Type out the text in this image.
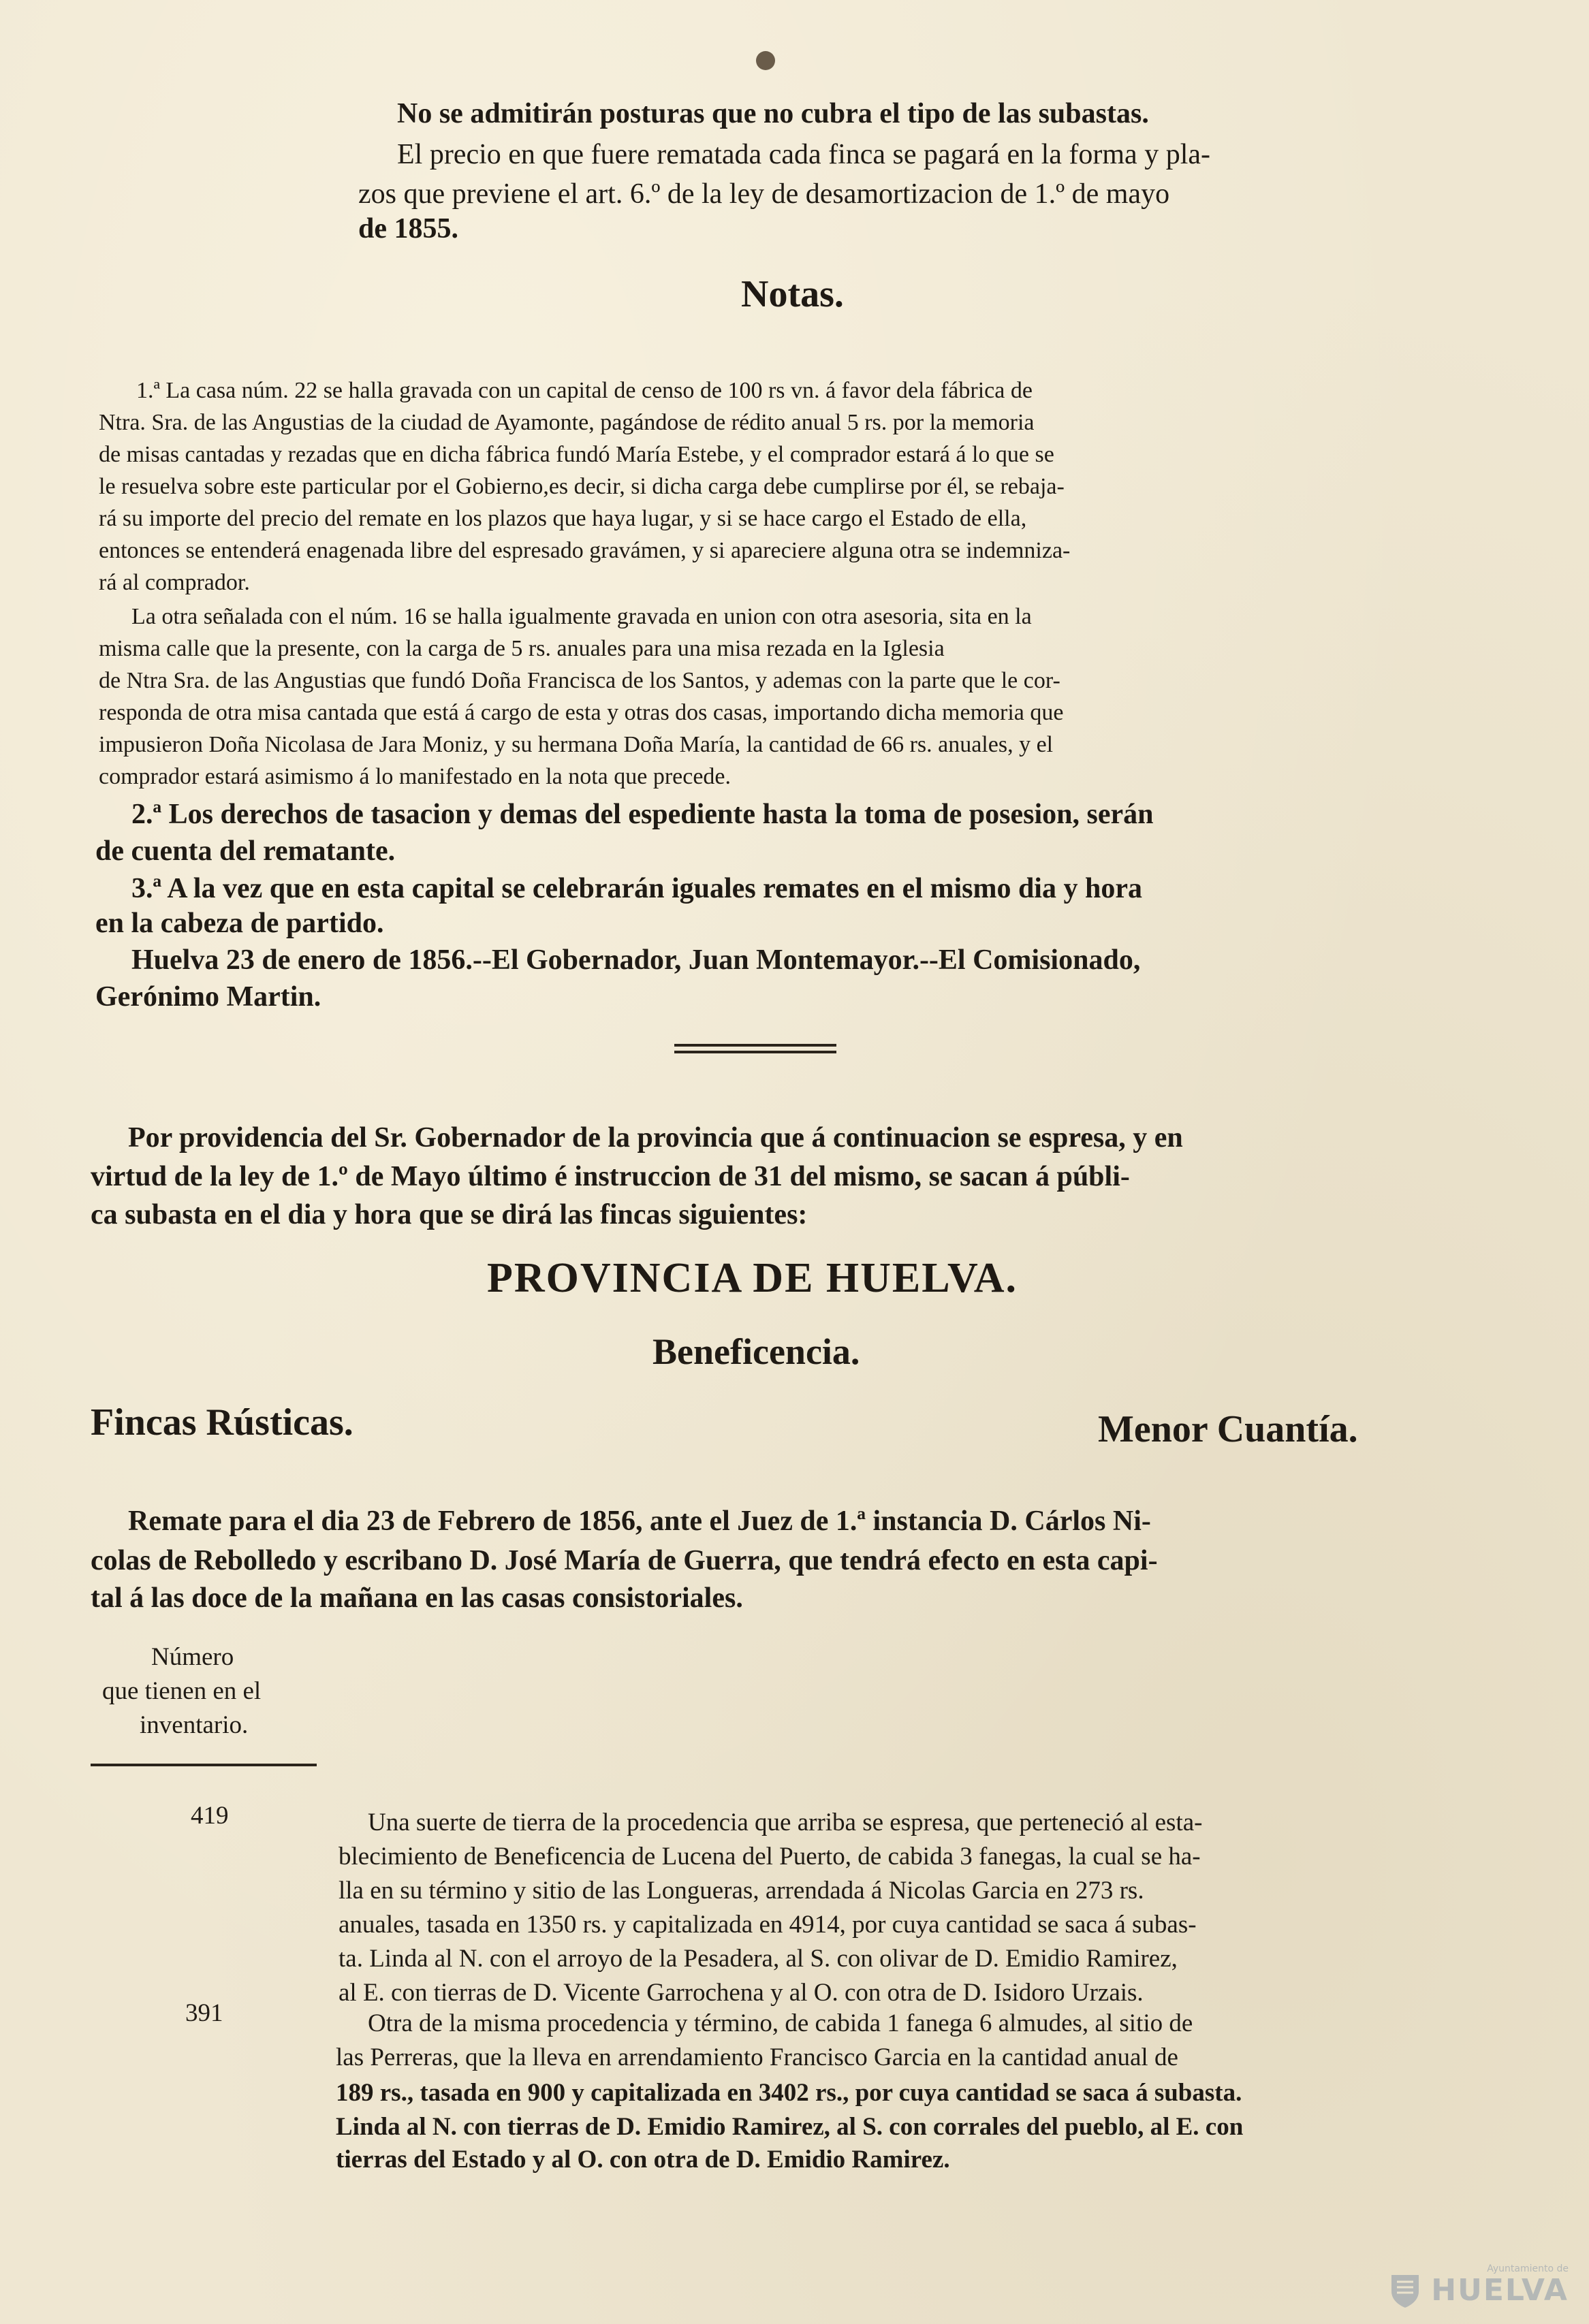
No se admitirán posturas que no cubra el tipo de las subastas.

El precio en que fuere rematada cada finca se pagará en la forma y pla-

zos que previene el art. 6.º de la ley de desamortizacion de 1.º de mayo

de 1855.

Notas.

1.ª La casa núm. 22 se halla gravada con un capital de censo de 100 rs vn. á favor dela fábrica de

Ntra. Sra. de las Angustias de la ciudad de Ayamonte, pagándose de rédito anual 5 rs. por la memoria

de misas cantadas y rezadas que en dicha fábrica fundó María Estebe, y el comprador estará á lo que se

le resuelva sobre este particular por el Gobierno,es decir, si dicha carga debe cumplirse por él, se rebaja-

rá su importe del precio del remate en los plazos que haya lugar, y si se hace cargo el Estado de ella,

entonces se entenderá enagenada libre del espresado gravámen, y si apareciere alguna otra se indemniza-

rá al comprador.

La otra señalada con el núm. 16 se halla igualmente gravada en union con otra asesoria, sita en la

misma calle que la presente, con la carga de 5 rs. anuales para una misa rezada en la Iglesia

de Ntra Sra. de las Angustias que fundó Doña Francisca de los Santos, y ademas con la parte que le cor-

responda de otra misa cantada que está á cargo de esta y otras dos casas, importando dicha memoria que

impusieron Doña Nicolasa de Jara Moniz, y su hermana Doña María, la cantidad de 66 rs. anuales, y el

comprador estará asimismo á lo manifestado en la nota que precede.

2.ª Los derechos de tasacion y demas del espediente hasta la toma de posesion, serán

de cuenta del rematante.

3.ª A la vez que en esta capital se celebrarán iguales remates en el mismo dia y hora

en la cabeza de partido.

Huelva 23 de enero de 1856.--El Gobernador, Juan Montemayor.--El Comisionado,

Gerónimo Martin.

Por providencia del Sr. Gobernador de la provincia que á continuacion se espresa, y en

virtud de la ley de 1.º de Mayo último é instruccion de 31 del mismo, se sacan á públi-

ca subasta en el dia y hora que se dirá las fincas siguientes:

PROVINCIA DE HUELVA.

Beneficencia.

Fincas Rústicas.	Menor Cuantía.

Remate para el dia 23 de Febrero de 1856, ante el Juez de 1.ª instancia D. Cárlos Ni-

colas de Rebolledo y escribano D. José María de Guerra, que tendrá efecto en esta capi-

tal á las doce de la mañana en las casas consistoriales.

Número

que tienen en el

inventario.

419	Una suerte de tierra de la procedencia que arriba se espresa, que perteneció al esta-

blecimiento de Beneficencia de Lucena del Puerto, de cabida 3 fanegas, la cual se ha-

lla en su término y sitio de las Longueras, arrendada á Nicolas Garcia en 273 rs.

anuales, tasada en 1350 rs. y capitalizada en 4914, por cuya cantidad se saca á subas-

ta. Linda al N. con el arroyo de la Pesadera, al S. con olivar de D. Emidio Ramirez,

al E. con tierras de D. Vicente Garrochena y al O. con otra de D. Isidoro Urzais.

391	Otra de la misma procedencia y término, de cabida 1 fanega 6 almudes, al sitio de

las Perreras, que la lleva en arrendamiento Francisco Garcia en la cantidad anual de

189 rs., tasada en 900 y capitalizada en 3402 rs., por cuya cantidad se saca á subasta.

Linda al N. con tierras de D. Emidio Ramirez, al S. con corrales del pueblo, al E. con

tierras del Estado y al O. con otra de D. Emidio Ramirez.

Ayuntamiento de
HUELVA
